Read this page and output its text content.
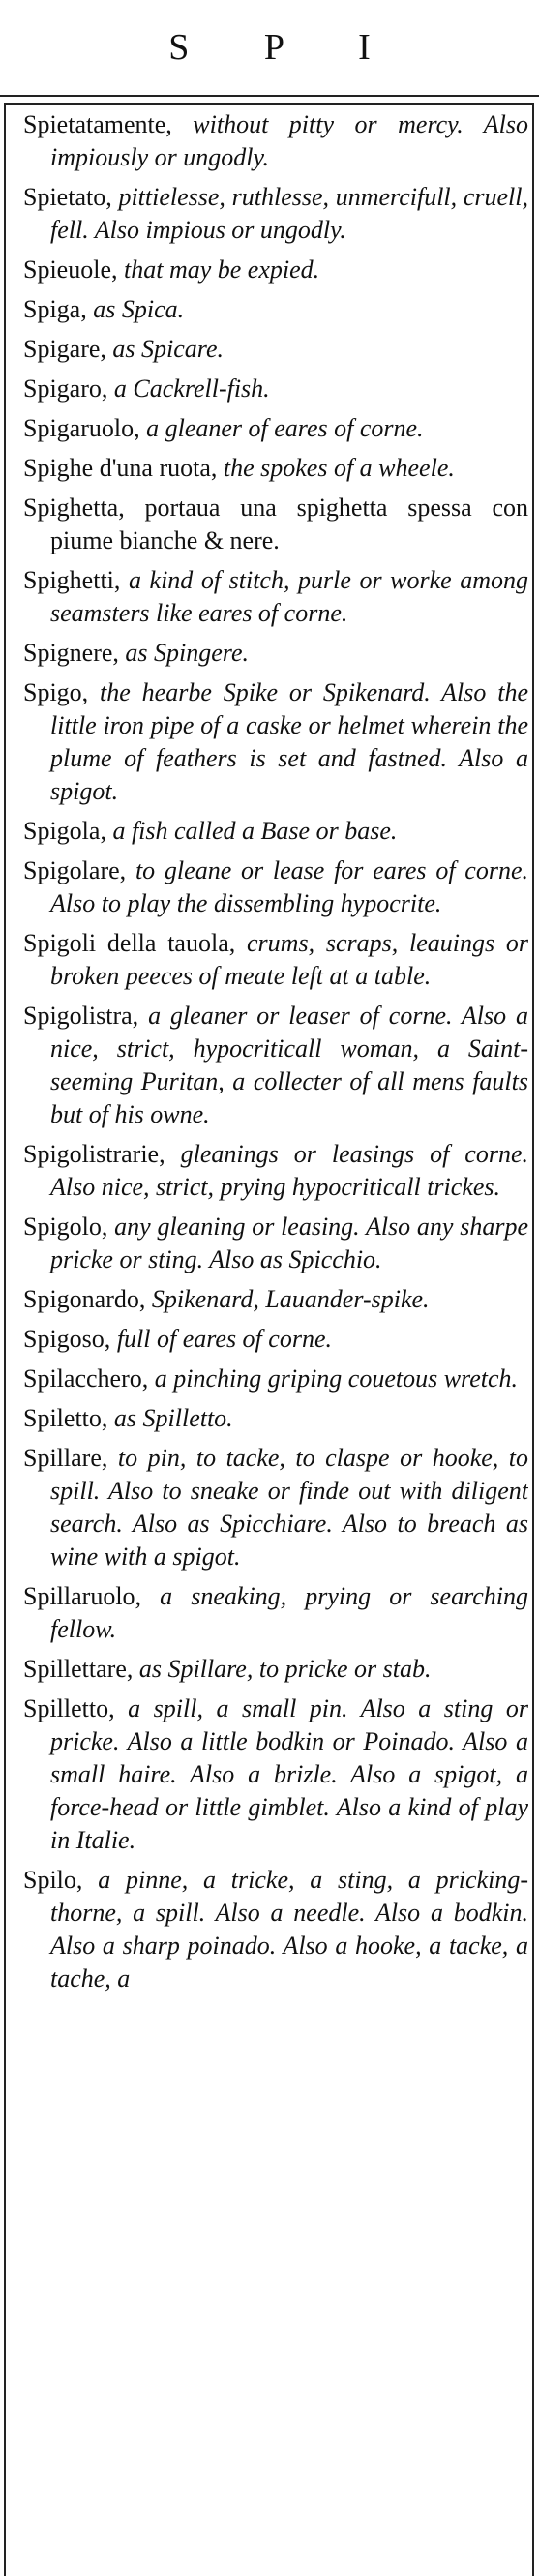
S P I

Spietatamente, without pitty or mercy. Also impiously or ungodly.

Spietato, pittielesse, ruthlesse, unmercifull, cruell, fell. Also impious or ungodly.

Spieuole, that may be expied.

Spiga, as Spica.

Spigare, as Spicare.

Spigaro, a Cackrell-fish.

Spigaruolo, a gleaner of eares of corne.

Spighe d'una ruota, the spokes of a wheele.

Spighetta, portaua una spighetta spessa con piume bianche & nere.

Spighetti, a kind of stitch, purle or worke among seamsters like eares of corne.

Spignere, as Spingere.

Spigo, the hearbe Spike or Spikenard. Also the little iron pipe of a caske or helmet wherein the plume of feathers is set and fastned. Also a spigot.

Spigola, a fish called a Base or base.

Spigolare, to gleane or lease for eares of corne. Also to play the dissembling hypocrite.

Spigoli della tauola, crums, scraps, leauings or broken peeces of meate left at a table.

Spigolistra, a gleaner or leaser of corne. Also a nice, strict, hypocriticall woman, a Saint-seeming Puritan, a collecter of all mens faults but of his owne.

Spigolistrarie, gleanings or leasings of corne. Also nice, strict, prying hypocriticall trickes.

Spigolo, any gleaning or leasing. Also any sharpe pricke or sting. Also as Spicchio.

Spigonardo, Spikenard, Lauander-spike.

Spigoso, full of eares of corne.

Spilacchero, a pinching griping couetous wretch.

Spiletto, as Spilletto.

Spillare, to pin, to tacke, to claspe or hooke, to spill. Also to sneake or finde out with diligent search. Also as Spicchiare. Also to breach as wine with a spigot.

Spillaruolo, a sneaking, prying or searching fellow.

Spillettare, as Spillare, to pricke or stab.

Spilletto, a spill, a small pin. Also a sting or pricke. Also a little bodkin or Poinado. Also a small haire. Also a brizle. Also a spigot, a force-head or little gimblet. Also a kind of play in Italie.

Spilo, a pinne, a tricke, a sting, a pricking-thorne, a spill. Also a needle. Also a bodkin. Also a sharp poinado. Also a hooke, a tacke, a tache, a
